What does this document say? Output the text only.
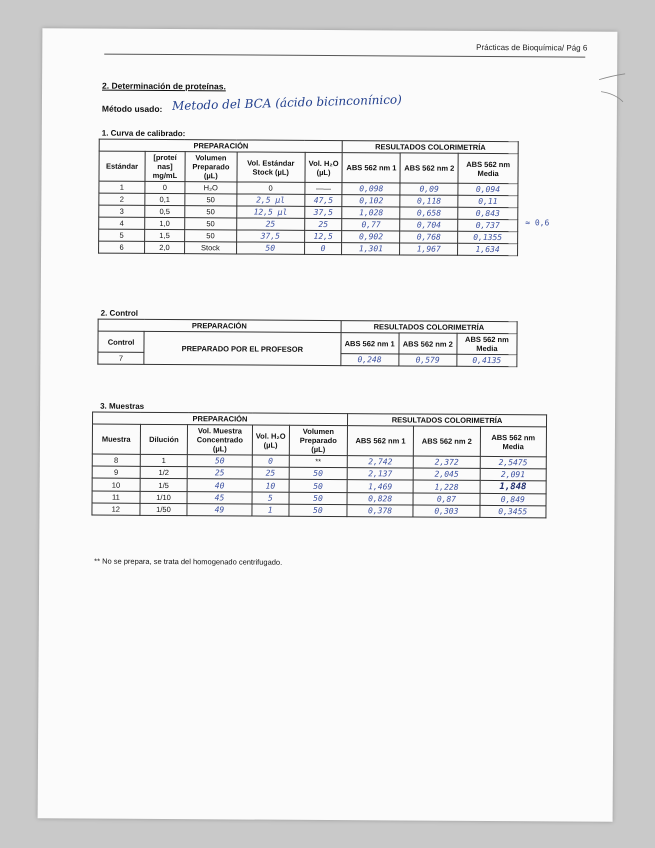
Prácticas de Bioquímica/ Pág 6
2. Determinación de proteínas.
Método usado: Metodo del BCA (ácido bicinconínico)
1. Curva de calibrado:
PREPARACIÓN					RESULTADOS COLORIMETRÍA		
Estándar	[proteí nas] mg/mL	Volumen Preparado (µL)	Vol. Estándar Stock (µL)	Vol. H₂O (µL)	ABS 562 nm 1	ABS 562 nm 2	ABS 562 nm Media
1	0	H₂O	0	——	0,098	0,09	0,094
2	0,1	50	2,5 µl	47,5	0,102	0,118	0,11
3	0,5	50	12,5 µl	37,5	1,028	0,658	0,843
4	1,0	50	25	25	0,77	0,704	0,737
5	1,5	50	37,5	12,5	0,902	0,768	0,1355
6	2,0	Stock	50	0	1,301	1,967	1,634
≈ 0,6
2. Control
PREPARACIÓN		RESULTADOS COLORIMETRÍA		
Control	PREPARADO POR EL PROFESOR	ABS 562 nm 1	ABS 562 nm 2	ABS 562 nm Media
7		0,248	0,579	0,4135
3. Muestras
PREPARACIÓN					RESULTADOS COLORIMETRÍA		
Muestra	Dilución	Vol. Muestra Concentrado (µL)	Vol. H₂O (µL)	Volumen Preparado (µL)	ABS 562 nm 1	ABS 562 nm 2	ABS 562 nm Media
8	1	50	0	**	2,742	2,372	2,5475
9	1/2	25	25	50	2,137	2,045	2,091
10	1/5	40	10	50	1,469	1,228	1,848
11	1/10	45	5	50	0,828	0,87	0,849
12	1/50	49	1	50	0,378	0,303	0,3455
** No se prepara, se trata del homogenado centrifugado.
